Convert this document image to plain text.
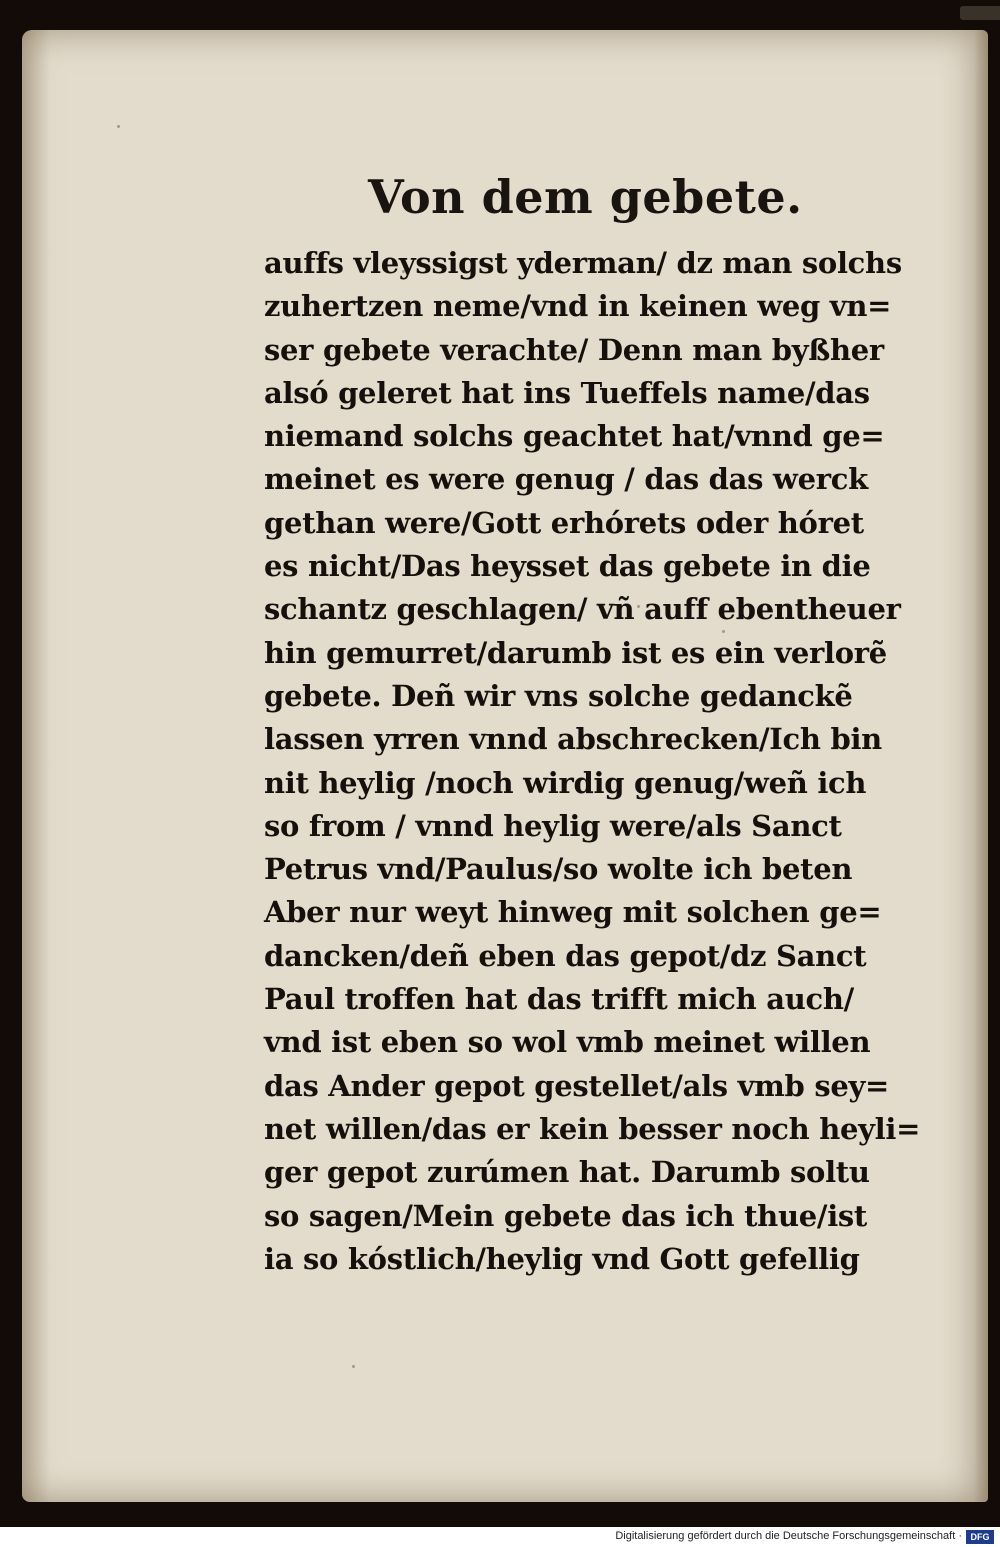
Von dem gebete.
auffs vleyssigst yderman/ dz man solchs
zuhertzen neme/vnd in keinen weg vn=
ser gebete verachte/ Denn man byßher
alsó geleret hat ins Tueffels name/das
niemand solchs geachtet hat/vnnd ge=
meinet es were genug / das das werck
gethan were/Gott erhórets oder hóret
es nicht/Das heysset das gebete in die
schantz geschlagen/ vñ auff ebentheuer
hin gemurret/darumb ist es ein verlorẽ
gebete. Deñ wir vns solche gedanckẽ
lassen yrren vnnd abschrecken/Ich bin
nit heylig /noch wirdig genug/weñ ich
so from / vnnd heylig were/als Sanct
Petrus vnd/Paulus/so wolte ich beten
Aber nur weyt hinweg mit solchen ge=
dancken/deñ eben das gepot/dz Sanct
Paul troffen hat das trifft mich auch/
vnd ist eben so wol vmb meinet willen
das Ander gepot gestellet/als vmb sey=
net willen/das er kein besser noch heyli=
ger gepot zurúmen hat. Darumb soltu
so sagen/Mein gebete das ich thue/ist
ia so kóstlich/heylig vnd Gott gefellig
Digitalisierung gefördert durch die Deutsche Forschungsgemeinschaft · DFG
